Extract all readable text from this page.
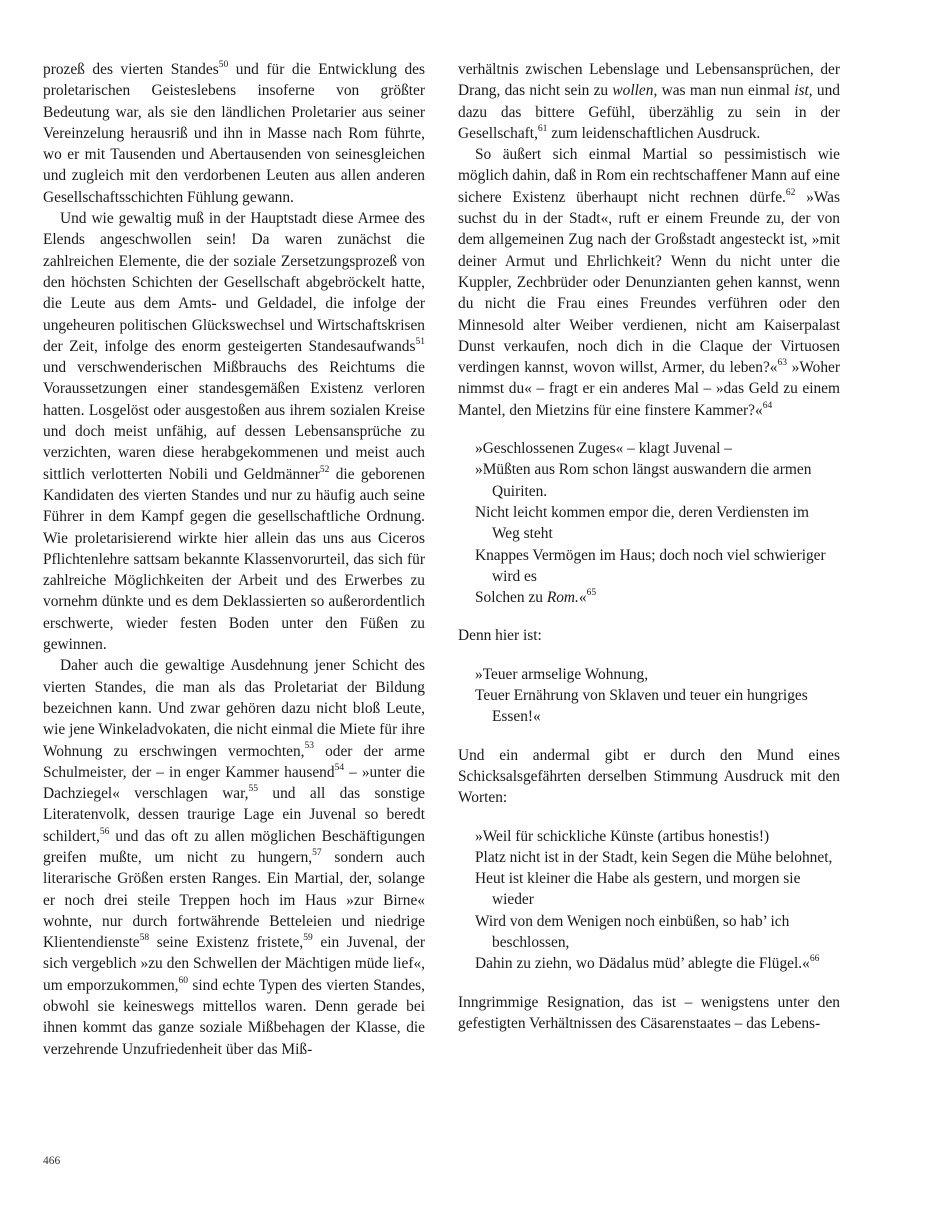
prozeß des vierten Standes$^{50}$ und für die Entwicklung des proletarischen Geisteslebens insoferne von größter Bedeutung war, als sie den ländlichen Proletarier aus seiner Vereinzelung herausriß und ihn in Masse nach Rom führte, wo er mit Tausenden und Abertausenden von seinesgleichen und zugleich mit den verdorbenen Leuten aus allen anderen Gesellschaftsschichten Fühlung gewann.

Und wie gewaltig muß in der Hauptstadt diese Armee des Elends angeschwollen sein! Da waren zunächst die zahlreichen Elemente, die der soziale Zersetzungsprozeß von den höchsten Schichten der Gesellschaft abgebröckelt hatte, die Leute aus dem Amts- und Geldadel, die infolge der ungeheuren politischen Glückswechsel und Wirtschaftskrisen der Zeit, infolge des enorm gesteigerten Standesaufwands$^{51}$ und verschwenderischen Mißbrauchs des Reichtums die Voraussetzungen einer standesgemäßen Existenz verloren hatten. Losgelöst oder ausgestoßen aus ihrem sozialen Kreise und doch meist unfähig, auf dessen Lebensansprüche zu verzichten, waren diese herabgekommenen und meist auch sittlich verlotterten Nobili und Geldmänner$^{52}$ die geborenen Kandidaten des vierten Standes und nur zu häufig auch seine Führer in dem Kampf gegen die gesellschaftliche Ordnung. Wie proletarisierend wirkte hier allein das uns aus Ciceros Pflichtenlehre sattsam bekannte Klassenvorurteil, das sich für zahlreiche Möglichkeiten der Arbeit und des Erwerbes zu vornehm dünkte und es dem Deklassierten so außerordentlich erschwerte, wieder festen Boden unter den Füßen zu gewinnen.

Daher auch die gewaltige Ausdehnung jener Schicht des vierten Standes, die man als das Proletariat der Bildung bezeichnen kann. Und zwar gehören dazu nicht bloß Leute, wie jene Winkeladvokaten, die nicht einmal die Miete für ihre Wohnung zu erschwingen vermochten,$^{53}$ oder der arme Schulmeister, der – in enger Kammer hausend$^{54}$ – »unter die Dachziegel« verschlagen war,$^{55}$ und all das sonstige Literatenvolk, dessen traurige Lage ein Juvenal so beredt schildert,$^{56}$ und das oft zu allen möglichen Beschäftigungen greifen mußte, um nicht zu hungern,$^{57}$ sondern auch literarische Größen ersten Ranges. Ein Martial, der, solange er noch drei steile Treppen hoch im Haus »zur Birne« wohnte, nur durch fortwährende Betteleien und niedrige Klientendienste$^{58}$ seine Existenz fristete,$^{59}$ ein Juvenal, der sich vergeblich »zu den Schwellen der Mächtigen müde lief«, um emporzukommen,$^{60}$ sind echte Typen des vierten Standes, obwohl sie keineswegs mittellos waren. Denn gerade bei ihnen kommt das ganze soziale Mißbehagen der Klasse, die verzehrende Unzufriedenheit über das Miß-

verhältnis zwischen Lebenslage und Lebensansprüchen, der Drang, das nicht sein zu wollen, was man nun einmal ist, und dazu das bittere Gefühl, überzählig zu sein in der Gesellschaft,$^{61}$ zum leidenschaftlichen Ausdruck.

So äußert sich einmal Martial so pessimistisch wie möglich dahin, daß in Rom ein rechtschaffener Mann auf eine sichere Existenz überhaupt nicht rechnen dürfe.$^{62}$ »Was suchst du in der Stadt«, ruft er einem Freunde zu, der von dem allgemeinen Zug nach der Großstadt angesteckt ist, »mit deiner Armut und Ehrlichkeit? Wenn du nicht unter die Kuppler, Zechbrüder oder Denunzianten gehen kannst, wenn du nicht die Frau eines Freundes verführen oder den Minnesold alter Weiber verdienen, nicht am Kaiserpalast Dunst verkaufen, noch dich in die Claque der Virtuosen verdingen kannst, wovon willst, Armer, du leben?«$^{63}$ »Woher nimmst du« – fragt er ein anderes Mal – »das Geld zu einem Mantel, den Mietzins für eine finstere Kammer?«$^{64}$

»Geschlossenen Zuges« – klagt Juvenal –
»Müßten aus Rom schon längst auswandern die armen Quiriten.
Nicht leicht kommen empor die, deren Verdiensten im Weg steht
Knappes Vermögen im Haus; doch noch viel schwieriger wird es
Solchen zu Rom.«$^{65}$

Denn hier ist:

»Teuer armselige Wohnung,
Teuer Ernährung von Sklaven und teuer ein hungriges Essen!«

Und ein andermal gibt er durch den Mund eines Schicksalsgefährten derselben Stimmung Ausdruck mit den Worten:

»Weil für schickliche Künste (artibus honestis!)
Platz nicht ist in der Stadt, kein Segen die Mühe belohnet,
Heut ist kleiner die Habe als gestern, und morgen sie wieder
Wird von dem Wenigen noch einbüßen, so hab’ ich beschlossen,
Dahin zu ziehn, wo Dädalus müd’ ablegte die Flügel.«$^{66}$

Inngrimmige Resignation, das ist – wenigstens unter den gefestigten Verhältnissen des Cäsarenstaates – das Lebens-

466
